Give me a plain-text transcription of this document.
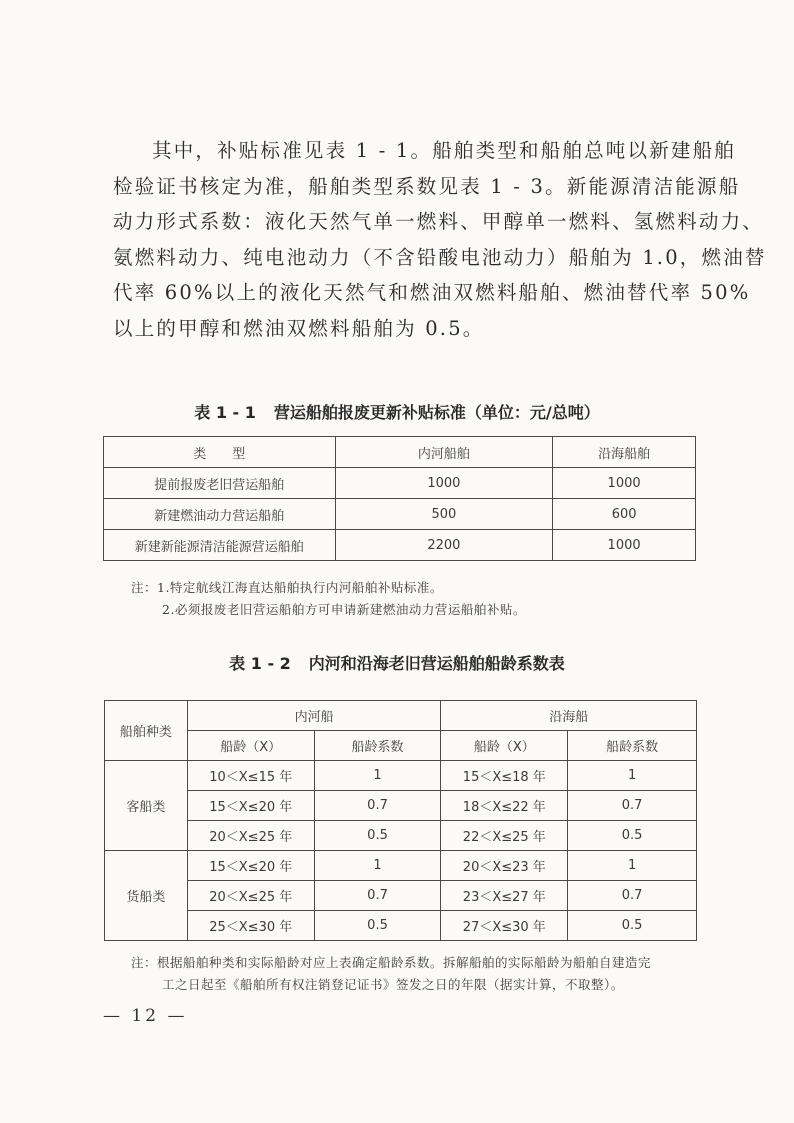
其中，补贴标准见表 1 - 1。船舶类型和船舶总吨以新建船舶

检验证书核定为准，船舶类型系数见表 1 - 3。新能源清洁能源船

动力形式系数：液化天然气单一燃料、甲醇单一燃料、氢燃料动力、

氨燃料动力、纯电池动力（不含铅酸电池动力）船舶为 1.0，燃油替

代率 60%以上的液化天然气和燃油双燃料船舶、燃油替代率 50%

以上的甲醇和燃油双燃料船舶为 0.5。

表 1 - 1 营运船舶报废更新补贴标准（单位：元/总吨）
类　　型	内河船舶	沿海船舶
提前报废老旧营运船舶	1000	1000
新建燃油动力营运船舶	500	600
新建新能源清洁能源营运船舶	2200	1000
注：1.特定航线江海直达船舶执行内河船舶补贴标准。
2.必须报废老旧营运船舶方可申请新建燃油动力营运船舶补贴。
表 1 - 2 内河和沿海老旧营运船舶船龄系数表
船舶种类	内河船		沿海船	
	船龄（X）	船龄系数	船龄（X）	船龄系数
客船类	10＜X≤15 年	1	15＜X≤18 年	1
	15＜X≤20 年	0.7	18＜X≤22 年	0.7
	20＜X≤25 年	0.5	22＜X≤25 年	0.5
货船类	15＜X≤20 年	1	20＜X≤23 年	1
	20＜X≤25 年	0.7	23＜X≤27 年	0.7
	25＜X≤30 年	0.5	27＜X≤30 年	0.5
注：根据船舶种类和实际船龄对应上表确定船龄系数。拆解船舶的实际船龄为船舶自建造完
工之日起至《船舶所有权注销登记证书》签发之日的年限（据实计算，不取整）。
— 12 —
